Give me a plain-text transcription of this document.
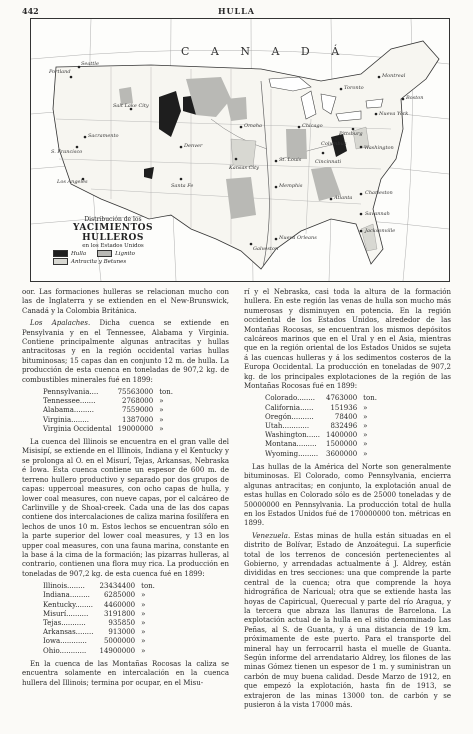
442	HULLA
C A N A D Á
Portland
Seattle
Salt Lake City
Sacramento
S. Francisco
Los Angeles
Omaha
Denver
Chicago
St. Louis	Cincinnati
Columbus
Pittsburg
Nueva York
Washington
Kansas City
Santa Fe
Atlanta
Charleston
Savannah
Jacksonville
Galveston
Nueva Orleans
Memphis
Boston
Toronto
Montreal
Distribución de los
YACIMIENTOS HULLEROS
en los Estados Unidos
Hulla	Lignito
Antracita y Betunes

oor. Las formaciones hulleras se relacionan mucho con las de Inglaterra y se extienden en el New-Brunswick, Canadá y la Colombia Británica.

Los Apalaches. Dicha cuenca se extiende en Pensylvania y en el Tennessee, Alabama y Virginia. Contiene principalmente algunas antracitas y hullas antracitosas y en la región occidental varias hullas bituminosas; 15 capas dan en conjunto 12 m. de hulla. La producción de esta cuenca en toneladas de 907,2 kg. de combustibles minerales fué en 1899:

Pennsylvania....	75563000	ton.
Tennessee.......	2768000	»
Alabama.........	7559000	»
Virginia........	1387000	»
Virginia Occidental	19000000	»

La cuenca del Illinois se encuentra en el gran valle del Misisipí, se extiende en el Illinois, Indiana y el Kentucky y se prolonga al O. en el Misurí, Tejas, Arkansas, Nebraska é Iowa. Esta cuenca contiene un espesor de 600 m. de terreno hullero productivo y separado por dos grupos de capas: uppercoal measures, con ocho capas de hulla, y lower coal measures, con nueve capas, por el calcáreo de Carlinville y de Shoal-creek. Cada una de las dos capas contiene dos intercalaciones de caliza marina fosilífera en lechos de unos 10 m. Estos lechos se encuentran sólo en la parte superior del lower coal measures, y 13 en los upper coal measures, con una fauna marina, constante en la base á la cima de la formación; las pizarras hulleras, al contrario, contienen una flora muy rica. La producción en toneladas de 907,2 kg. de esta cuenca fué en 1899:

Illinois........	23434400	ton.
Indiana.........	6285000	»
Kentucky........	4460000	»
Misurí..........	3191800	»
Tejas...........	935850	»
Arkansas........	913000	»
Iowa............	5000000	»
Ohio............	14900000	»

En la cuenca de las Montañas Rocosas la caliza se encuentra solamente en intercalación en la cuenca hullera del Illinois; termina por ocupar, en el Misu-

rí y el Nebraska, casi toda la altura de la formación hullera. En este región las venas de hulla son mucho más numerosas y disminuyen en potencia. En la región occidental de los Estados Unidos, alrededor de las Montañas Rocosas, se encuentran los mismos depósitos calcáreos marinos que en el Ural y en el Asia, mientras que en la región oriental de los Estados Unidos se sujeta á las cuencas hulleras y á los sedimentos costeros de la Europa Occidental. La producción en toneladas de 907,2 kg. de los principales explotaciones de la región de las Montañas Rocosas fué en 1899:

Colorado........	4763000	ton.
California......	151936	»
Oregón..........	78400	»
Utah............	832496	»
Washington......	1400000	»
Montana.........	1500000	»
Wyoming.........	3600000	»

Las hullas de la América del Norte son generalmente bituminosas. El Colorado, como Pennsylvania, encierra algunas antracitas; en conjunto, la explotación anual de estas hullas en Colorado sólo es de 25000 toneladas y de 50000000 en Pennsylvania. La producción total de hulla en los Estados Unidos fué de 170000000 ton. métricas en 1899.

Venezuela. Estas minas de hulla están situadas en el distrito de Bolívar, Estado de Anzoátegui. La superficie total de los terrenos de concesión pertenecientes al Gobierno, y arrendadas actualmente á J. Aldrey, están divididas en tres secciones: una que comprende la parte central de la cuenca; otra que comprende la hoya hidrográfica de Naricual; otra que se extiende hasta las hoyas de Capiricual, Querecual y parte del río Aragua, y la tercera que abraza las llanuras de Barcelona. La explotación actual de la hulla en el sitio denominado Las Peñas, al S. de Guanta, y á una distancia de 19 km. próximamente de este puerto. Para el transporte del mineral hay un ferrocarril hasta el muelle de Guanta. Según informe del arrendatario Aldrey, los filones de las minas Gómez tienen un espesor de 1 m. y suministran un carbón de muy buena calidad. Desde Marzo de 1912, en que empezó la explotación, hasta fin de 1913, se extrajeron de las minas 13000 ton. de carbón y se pusieron á la vista 17000 más.
